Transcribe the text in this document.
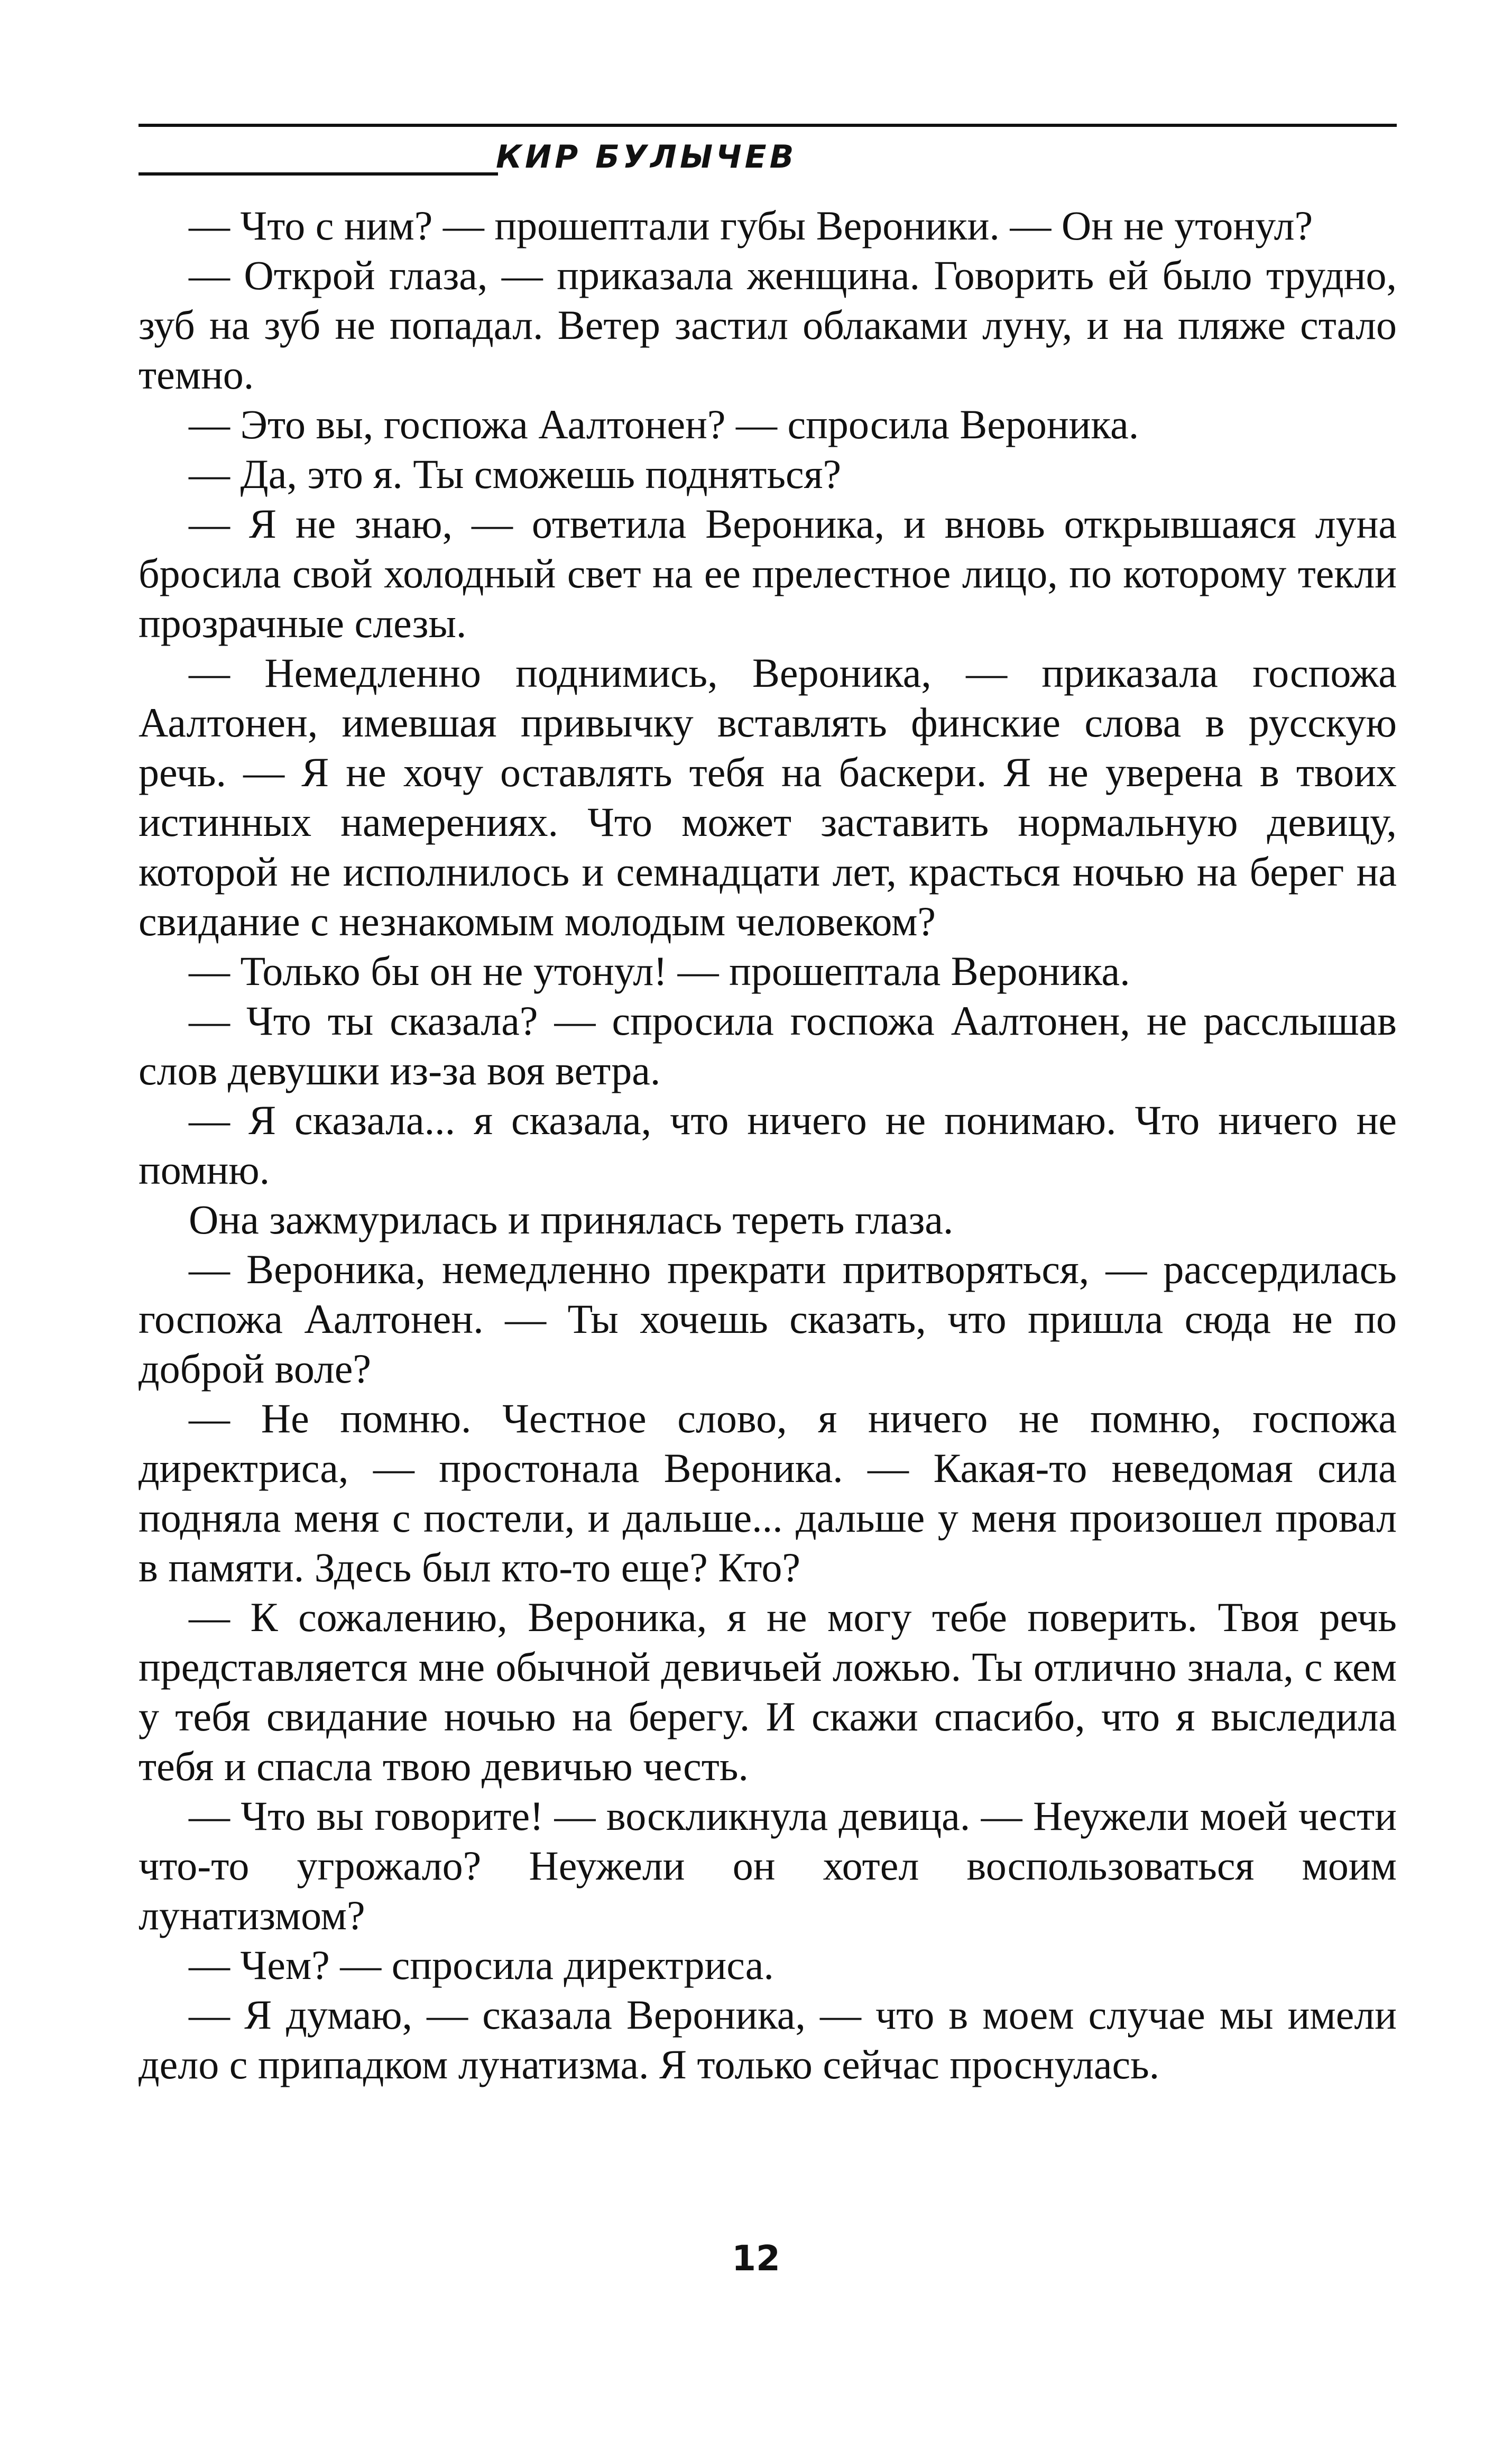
КИР БУЛЫЧЕВ

— Что с ним? — прошептали губы Вероники. — Он не утонул?

— Открой глаза, — приказала женщина. Говорить ей было трудно, зуб на зуб не попадал. Ветер застил облаками луну, и на пляже стало темно.

— Это вы, госпожа Аалтонен? — спросила Вероника.

— Да, это я. Ты сможешь подняться?

— Я не знаю, — ответила Вероника, и вновь открывшаяся луна бросила свой холодный свет на ее прелестное лицо, по которому текли прозрачные слезы.

— Немедленно поднимись, Вероника, — приказала госпожа Аалтонен, имевшая привычку вставлять финские слова в русскую речь. — Я не хочу оставлять тебя на баскери. Я не уверена в твоих истинных намерениях. Что может заставить нормальную девицу, которой не исполнилось и семнадцати лет, красться ночью на берег на свидание с незнакомым молодым человеком?

— Только бы он не утонул! — прошептала Вероника.

— Что ты сказала? — спросила госпожа Аалтонен, не расслышав слов девушки из-за воя ветра.

— Я сказала... я сказала, что ничего не понимаю. Что ничего не помню.

Она зажмурилась и принялась тереть глаза.

— Вероника, немедленно прекрати притворяться, — рассердилась госпожа Аалтонен. — Ты хочешь сказать, что пришла сюда не по доброй воле?

— Не помню. Честное слово, я ничего не помню, госпожа директриса, — простонала Вероника. — Какая-то неведомая сила подняла меня с постели, и дальше... дальше у меня произошел провал в памяти. Здесь был кто-то еще? Кто?

— К сожалению, Вероника, я не могу тебе поверить. Твоя речь представляется мне обычной девичьей ложью. Ты отлично знала, с кем у тебя свидание ночью на берегу. И скажи спасибо, что я выследила тебя и спасла твою девичью честь.

— Что вы говорите! — воскликнула девица. — Неужели моей чести что-то угрожало? Неужели он хотел воспользоваться моим лунатизмом?

— Чем? — спросила директриса.

— Я думаю, — сказала Вероника, — что в моем случае мы имели дело с припадком лунатизма. Я только сейчас проснулась.

12
